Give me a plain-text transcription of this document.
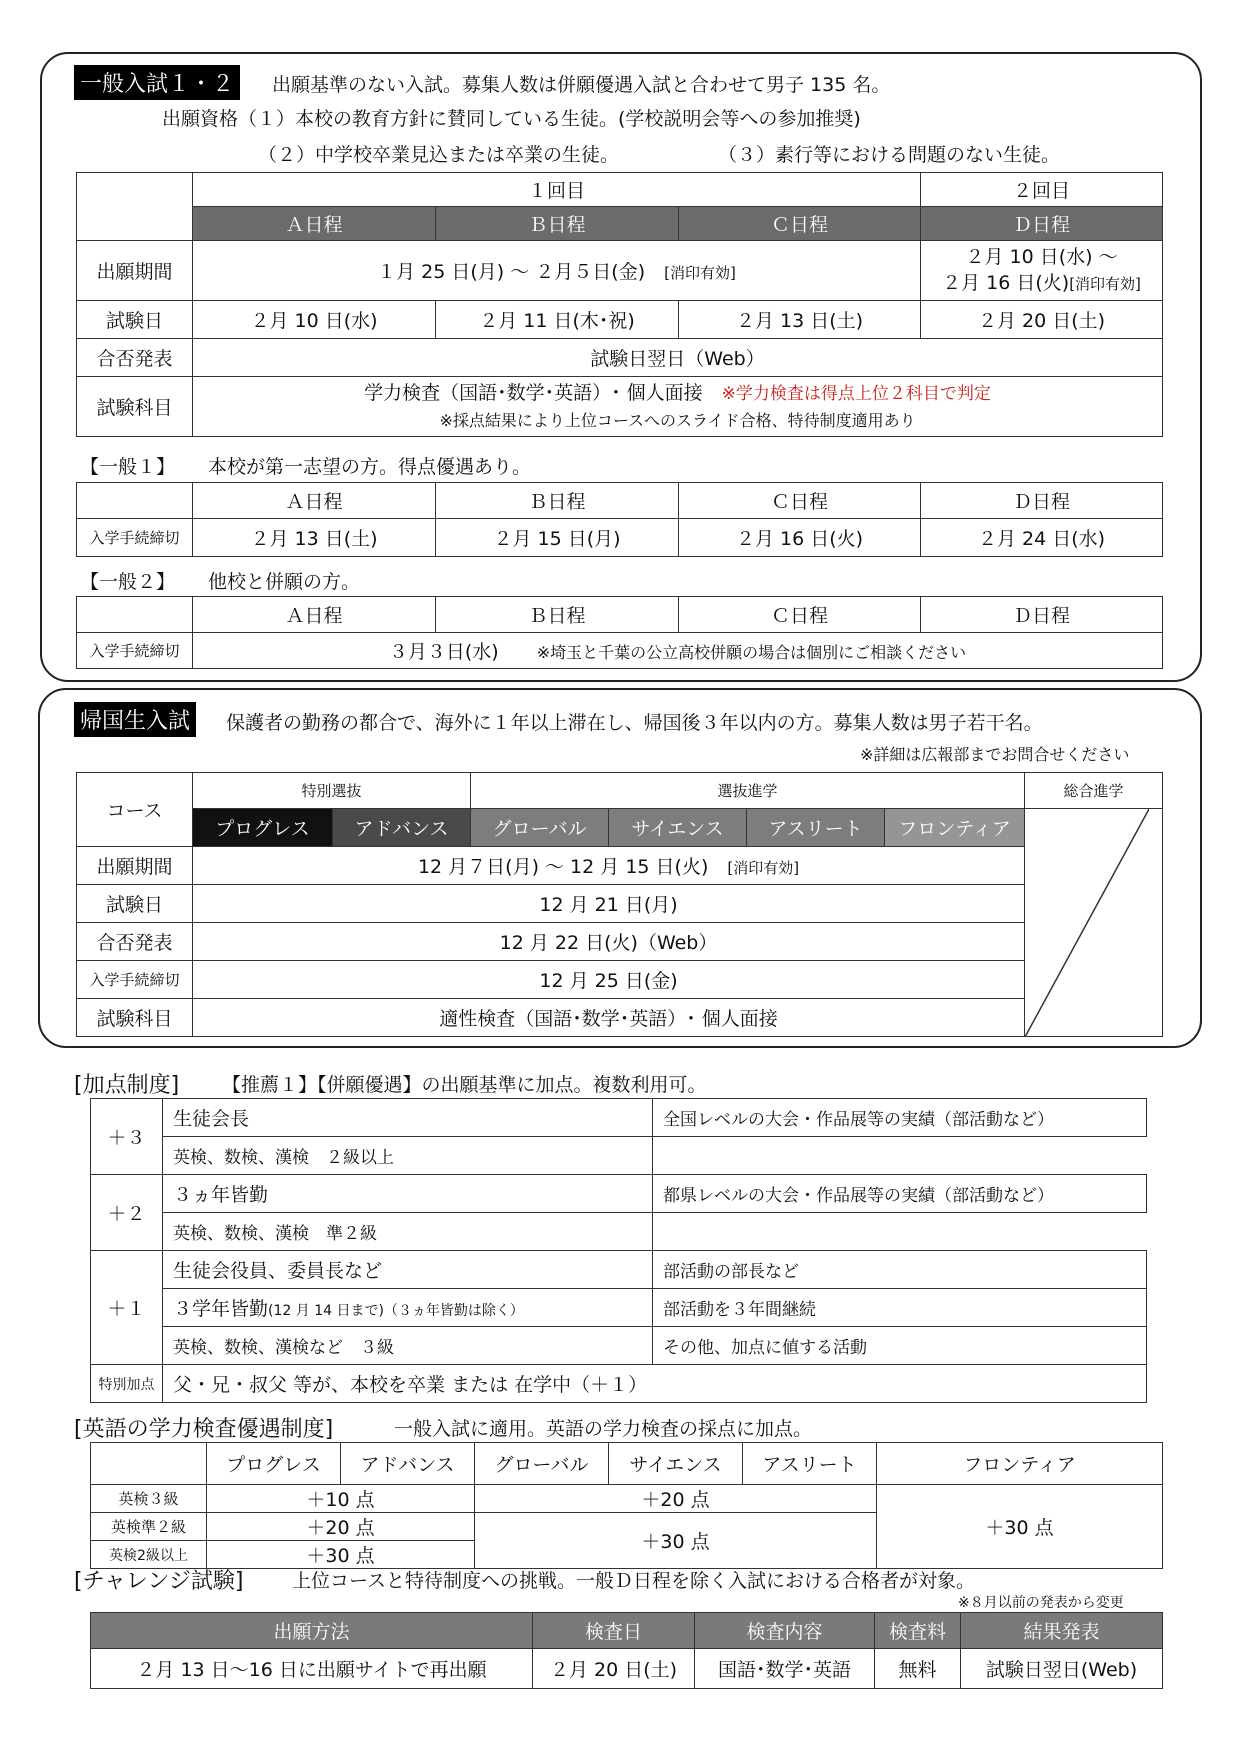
一般入試１・２	出願基準のない入試。募集人数は併願優遇入試と合わせて男子 135 名。
出願資格（１）本校の教育方針に賛同している生徒。(学校説明会等への参加推奨)
（２）中学校卒業見込または卒業の生徒。	（３）素行等における問題のない生徒。
	１回目			２回目
	Ａ日程	Ｂ日程	Ｃ日程	Ｄ日程
出願期間	１月 25 日(月) ～ ２月５日(金)　 [消印有効]			２月 10 日(水) ～
２月 16 日(火)[消印有効]
試験日	２月 10 日(水)	２月 11 日(木･祝)	２月 13 日(土)	２月 20 日(土)
合否発表	試験日翌日（Web）			
試験科目	学力検査（国語･数学･英語）･ 個人面接　 ※学力検査は得点上位２科目で判定
※採点結果により上位コースへのスライド合格、特待制度適用あり			
【一般１】 本校が第一志望の方。得点優遇あり。
	Ａ日程	Ｂ日程	Ｃ日程	Ｄ日程
入学手続締切	２月 13 日(土)	２月 15 日(月)	２月 16 日(火)	２月 24 日(水)
【一般２】 他校と併願の方。
	Ａ日程	Ｂ日程	Ｃ日程	Ｄ日程
入学手続締切	３月３日(水)　　 ※埼玉と千葉の公立高校併願の場合は個別にご相談ください			
帰国生入試	保護者の勤務の都合で、海外に１年以上滞在し、帰国後３年以内の方。募集人数は男子若干名。
※詳細は広報部までお問合せください
コース	特別選抜		選抜進学				総合進学
	プログレス	アドバンス	グローバル	サイエンス	アスリート	フロンティア	

出願期間	12 月７日(月) ～ 12 月 15 日(火)　 [消印有効]						
試験日	12 月 21 日(月)						
合否発表	12 月 22 日(火)（Web）						
入学手続締切	12 月 25 日(金)						
試験科目	適性検査（国語･数学･英語）･ 個人面接						
[加点制度] 【推薦１】【併願優遇】の出願基準に加点。複数利用可。
＋３	生徒会長	全国レベルの大会・作品展等の実績（部活動など）
	英検、数検、漢検　２級以上	
＋２	３ヵ年皆勤	都県レベルの大会・作品展等の実績（部活動など）
	英検、数検、漢検　準２級	
＋１	生徒会役員、委員長など	部活動の部長など
	３学年皆勤(12 月 14 日まで)（３ヵ年皆勤は除く）	部活動を３年間継続
	英検、数検、漢検など　３級	その他、加点に値する活動
特別加点	父・兄・叔父 等が、本校を卒業 または 在学中（＋１）	
[英語の学力検査優遇制度]	一般入試に適用。英語の学力検査の採点に加点。
	プログレス	アドバンス	グローバル	サイエンス	アスリート	フロンティア
英検３級	＋10 点		＋20 点			＋30 点
英検準２級	＋20 点		＋30 点			
英検2級以上	＋30 点					
[チャレンジ試験]	上位コースと特待制度への挑戦。一般Ｄ日程を除く入試における合格者が対象。
※８月以前の発表から変更
出願方法	検査日	検査内容	検査料	結果発表
２月 13 日～16 日に出願サイトで再出願	２月 20 日(土)	国語･数学･英語	無料	試験日翌日(Web)
